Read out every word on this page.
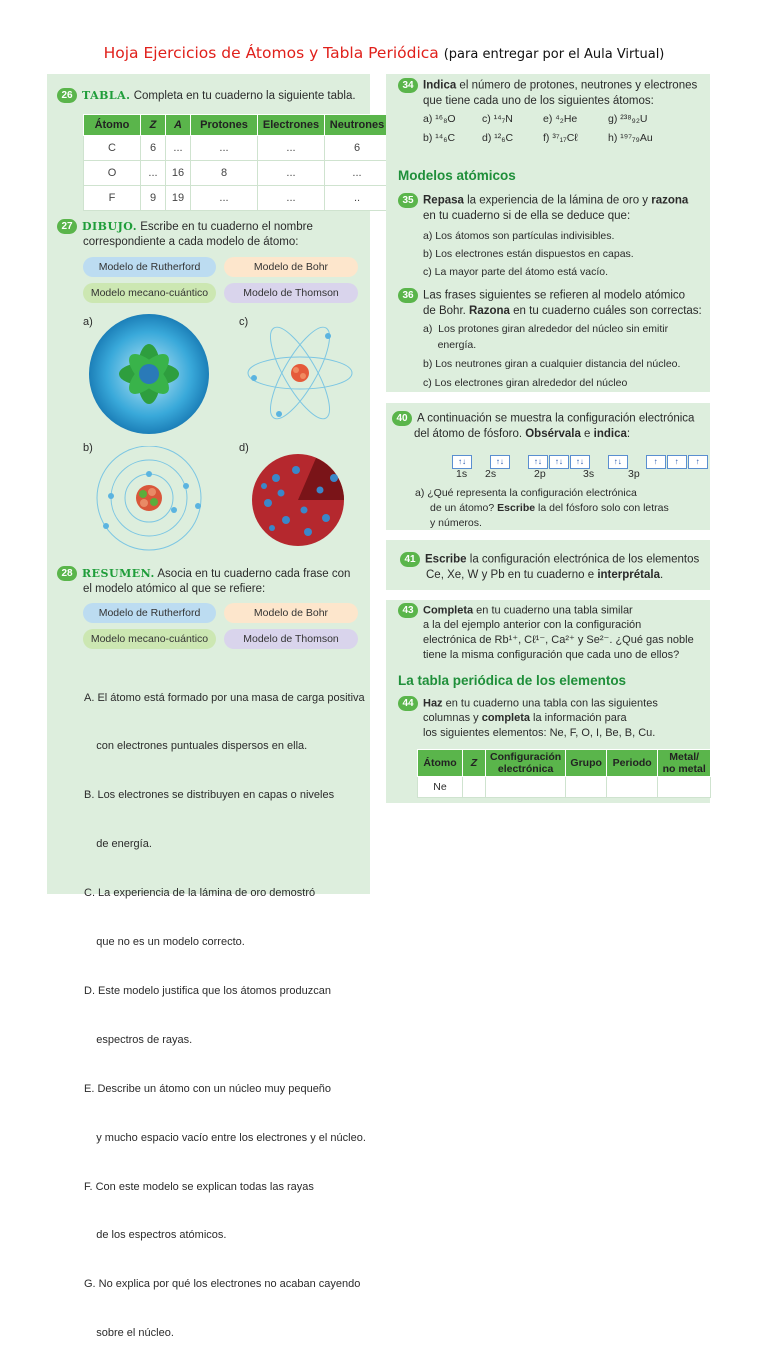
Hoja Ejercicios de Átomos y Tabla Periódica (para entregar por el Aula Virtual)
26 TABLA. Completa en tu cuaderno la siguiente tabla.
Átomo	Z	A	Protones	Electrones	Neutrones
C	6	...	...	...	6
O	...	16	8	...	...
F	9	19	...	...	..
27 DIBUJO. Escribe en tu cuaderno el nombre
correspondiente a cada modelo de átomo:
Modelo de Rutherford	Modelo de Bohr
Modelo mecano-cuántico	Modelo de Thomson
a)	c)
b)	d)
28 RESUMEN. Asocia en tu cuaderno cada frase con
el modelo atómico al que se refiere:
Modelo de Rutherford	Modelo de Bohr
Modelo mecano-cuántico	Modelo de Thomson

A. El átomo está formado por una masa de carga positiva

con electrones puntuales dispersos en ella.

B. Los electrones se distribuyen en capas o niveles

de energía.

C. La experiencia de la lámina de oro demostró

que no es un modelo correcto.

D. Este modelo justifica que los átomos produzcan

espectros de rayas.

E. Describe un átomo con un núcleo muy pequeño

y mucho espacio vacío entre los electrones y el núcleo.

F. Con este modelo se explican todas las rayas

de los espectros atómicos.

G. No explica por qué los electrones no acaban cayendo

sobre el núcleo.

34 Indica el número de protones, neutrones y electrones
que tiene cada uno de los siguientes átomos:
a) ¹⁶₈O	c) ¹⁴₇N	e) ⁴₂He	g) ²³⁸₉₂U
b) ¹⁴₆C	d) ¹²₆C	f) ³⁷₁₇Cℓ	h) ¹⁹⁷₇₉Au
Modelos atómicos
35 Repasa la experiencia de la lámina de oro y razona
en tu cuaderno si de ella se deduce que:
a) Los átomos son partículas indivisibles.
b) Los electrones están dispuestos en capas.
c) La mayor parte del átomo está vacío.
36 Las frases siguientes se refieren al modelo atómico
de Bohr. Razona en tu cuaderno cuáles son correctas:
a)  Los protones giran alrededor del núcleo sin emitir
energía.
b) Los neutrones giran a cualquier distancia del núcleo.
c) Los electrones giran alrededor del núcleo
40 A continuación se muestra la configuración electrónica
del átomo de fósforo. Obsérvala e indica:
↑↓	↑↓	↑↓ ↑↓ ↑↓	↑↓	↑ ↑ ↑
1s 2s	2p	3s	3p
a) ¿Qué representa la configuración electrónica
de un átomo? Escribe la del fósforo solo con letras
y números.
41 Escribe la configuración electrónica de los elementos
Ce, Xe, W y Pb en tu cuaderno e interprétala.
43 Completa en tu cuaderno una tabla similar
a la del ejemplo anterior con la configuración
electrónica de Rb¹⁺, Cℓ¹⁻, Ca²⁺ y Se²⁻. ¿Qué gas noble
tiene la misma configuración que cada uno de ellos?
La tabla periódica de los elementos
44 Haz en tu cuaderno una tabla con las siguientes
columnas y completa la información para
los siguientes elementos: Ne, F, O, I, Be, B, Cu.
Átomo	Z	Configuración electrónica	Grupo	Periodo	Metal/ no metal
Ne					
